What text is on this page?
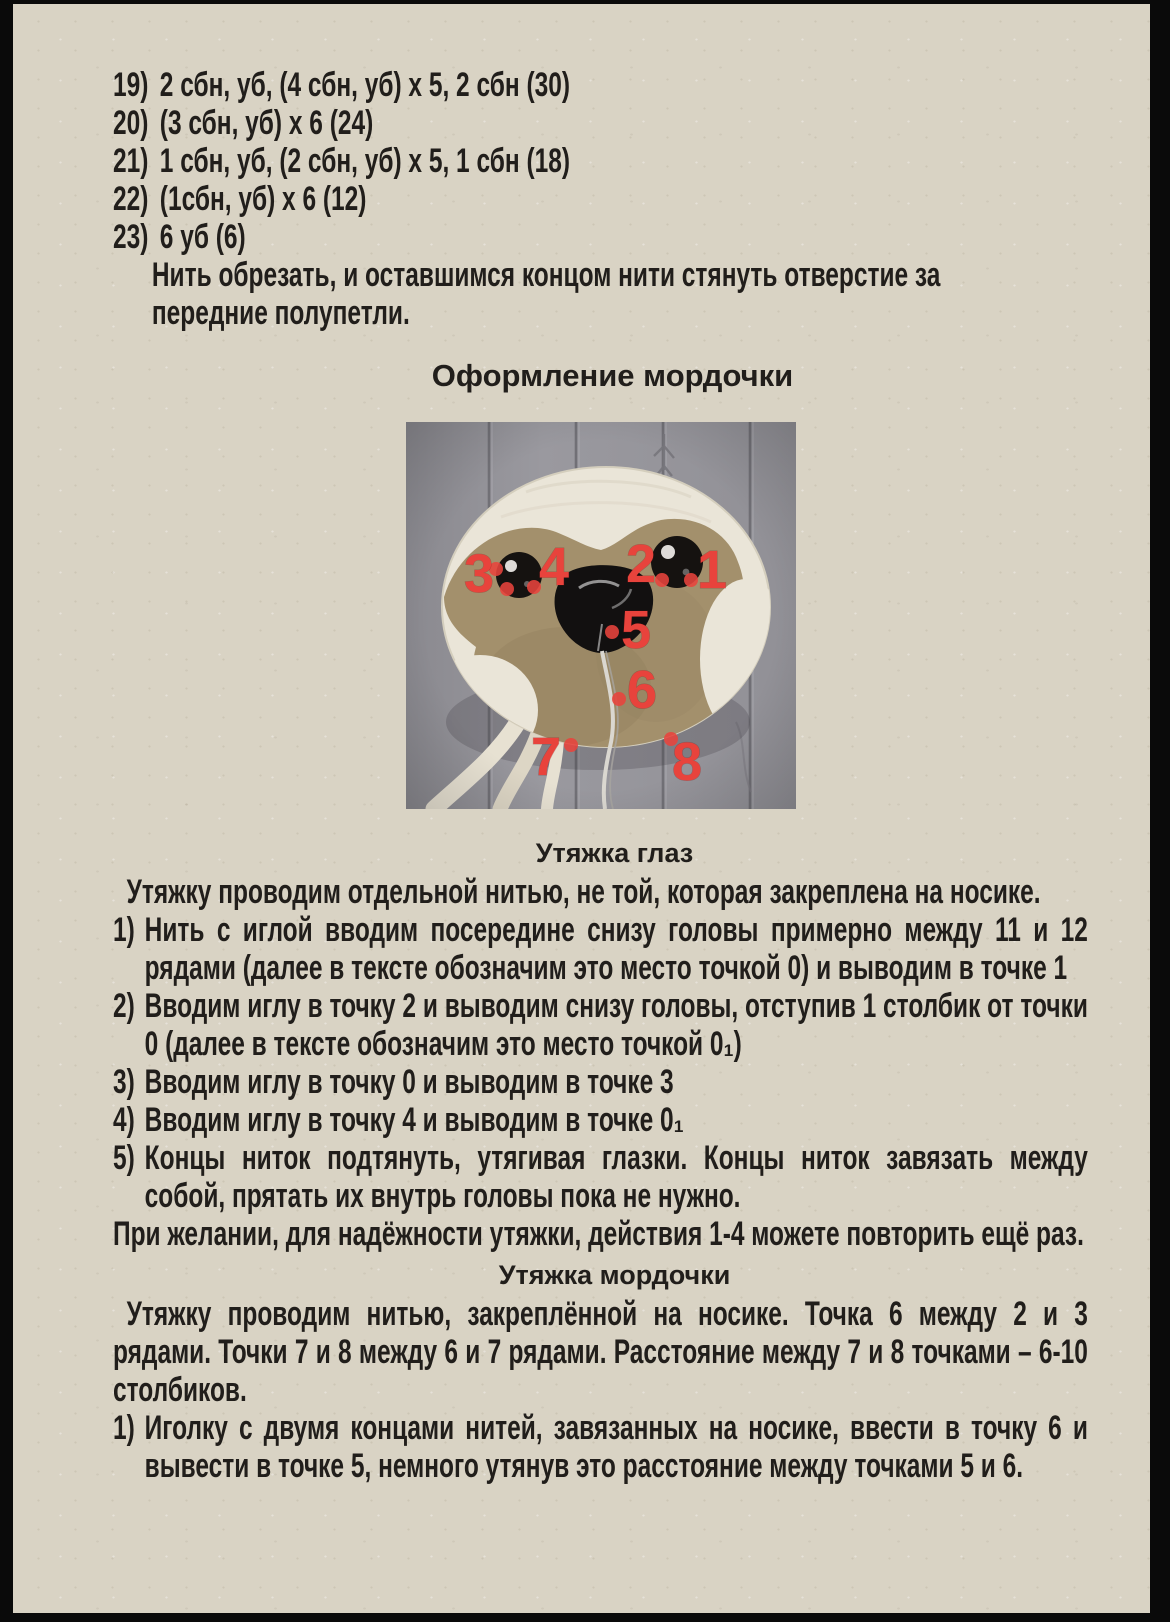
19) 2 сбн, уб, (4 сбн, уб) х 5, 2 сбн (30)
20) (3 сбн, уб) х 6 (24)
21) 1 сбн, уб, (2 сбн, уб) х 5, 1 сбн (18)
22) (1сбн, уб) х 6 (12)
23) 6 уб (6)

Нить обрезать, и оставшимся концом нити стянуть отверстие за передние полупетли.

Оформление мордочки
1
2
3 4
5
6
7 8
Утяжка глаз

Утяжку проводим отдельной нитью, не той, которая закреплена на носике.

1) Нить с иглой вводим посередине снизу головы примерно между 11 и 12 рядами (далее в тексте обозначим это место точкой 0) и выводим в точке 1
2) Вводим иглу в точку 2 и выводим снизу головы, отступив 1 столбик от точки 0 (далее в тексте обозначим это место точкой 0₁)
3) Вводим иглу в точку 0 и выводим в точке 3
4) Вводим иглу в точку 4 и выводим в точке 0₁
5) Концы ниток подтянуть, утягивая глазки. Концы ниток завязать между собой, прятать их внутрь головы пока не нужно.

При желании, для надёжности утяжки, действия 1-4 можете повторить ещё раз.

Утяжка мордочки

Утяжку проводим нитью, закреплённой на носике. Точка 6 между 2 и 3 рядами. Точки 7 и 8 между 6 и 7 рядами. Расстояние между 7 и 8 точками – 6-10 столбиков.

1) Иголку с двумя концами нитей, завязанных на носике, ввести в точку 6 и вывести в точке 5, немного утянув это расстояние между точками 5 и 6.
